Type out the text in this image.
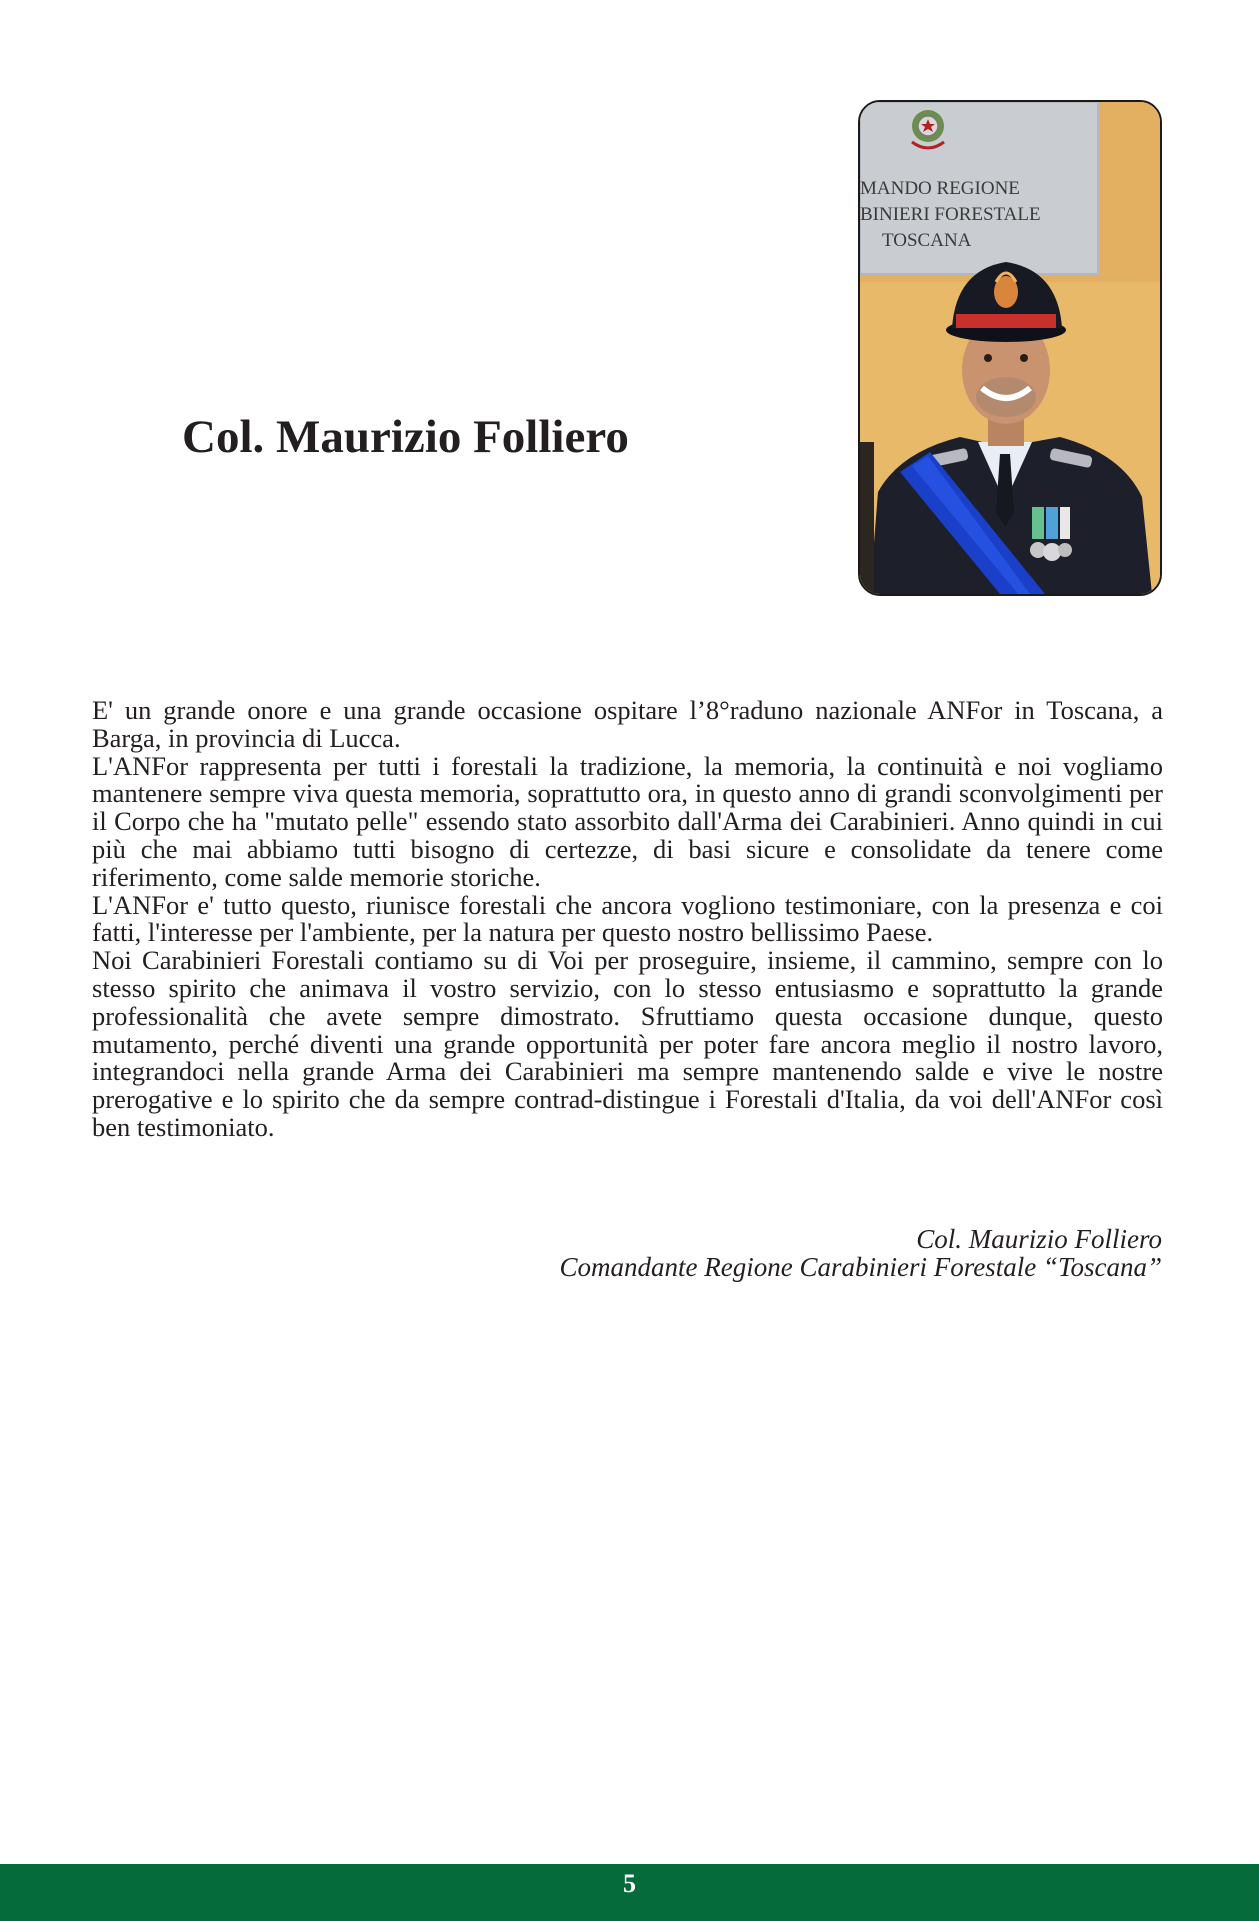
Col. Maurizio Folliero
MANDO REGIONE
BINIERI FORESTALE
TOSCANA

E' un grande onore e una grande occasione ospitare l’8°raduno nazionale ANFor in Toscana, a Barga, in provincia di Lucca.

L'ANFor rappresenta per tutti i forestali la tradizione, la memoria, la continuità e noi vogliamo mantenere sempre viva questa memoria, soprattutto ora, in questo anno di grandi sconvolgimenti per il Corpo che ha "mutato pelle" essendo stato assorbito dall'Arma dei Carabinieri. Anno quindi in cui più che mai abbiamo tutti bisogno di certezze, di basi sicure e consolidate da tenere come riferimento, come salde memorie storiche.

L'ANFor e' tutto questo, riunisce forestali che ancora vogliono testimoniare, con la presenza e coi fatti, l'interesse per l'ambiente, per la natura per questo nostro bellissimo Paese.

Noi Carabinieri Forestali contiamo su di Voi per proseguire, insieme, il cammino, sempre con lo stesso spirito che animava il vostro servizio, con lo stesso entusiasmo e soprattutto la grande professionalità che avete sempre dimostrato. Sfruttiamo questa occasione dunque, questo mutamento, perché diventi una grande opportunità per poter fare ancora meglio il nostro lavoro, integrandoci nella grande Arma dei Carabinieri ma sempre mantenendo salde e vive le nostre prerogative e lo spirito che da sempre contrad-distingue i Forestali d'Italia, da voi dell'ANFor così ben testimoniato.

Col. Maurizio Folliero
Comandante Regione Carabinieri Forestale “Toscana”
5
